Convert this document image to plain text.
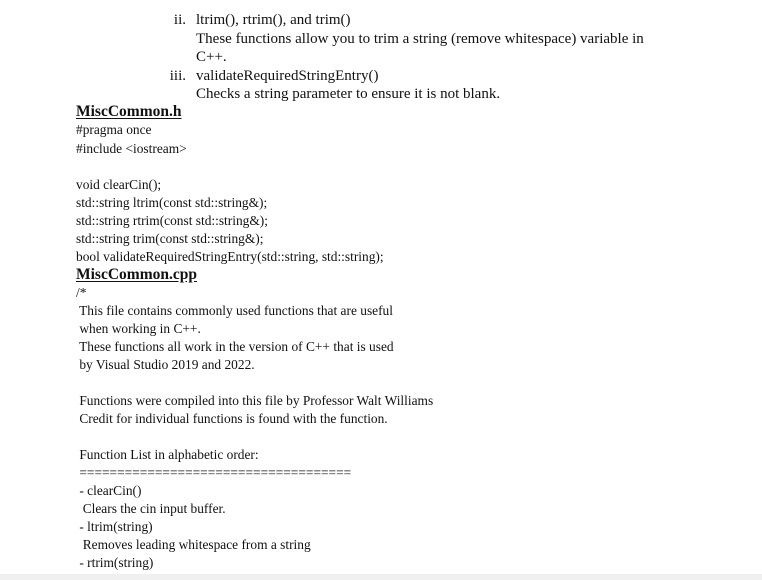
ii. ltrim(), rtrim(), and trim()
These functions allow you to trim a string (remove whitespace) variable in
C++.
iii. validateRequiredStringEntry()
Checks a string parameter to ensure it is not blank.
MiscCommon.h
#pragma once
#include <iostream>
void clearCin();
std::string ltrim(const std::string&);
std::string rtrim(const std::string&);
std::string trim(const std::string&);
bool validateRequiredStringEntry(std::string, std::string);
MiscCommon.cpp
/*
This file contains commonly used functions that are useful
when working in C++.
These functions all work in the version of C++ that is used
by Visual Studio 2019 and 2022.
Functions were compiled into this file by Professor Walt Williams
Credit for individual functions is found with the function.
Function List in alphabetic order:
====================================
- clearCin()
Clears the cin input buffer.
- ltrim(string)
Removes leading whitespace from a string
- rtrim(string)
